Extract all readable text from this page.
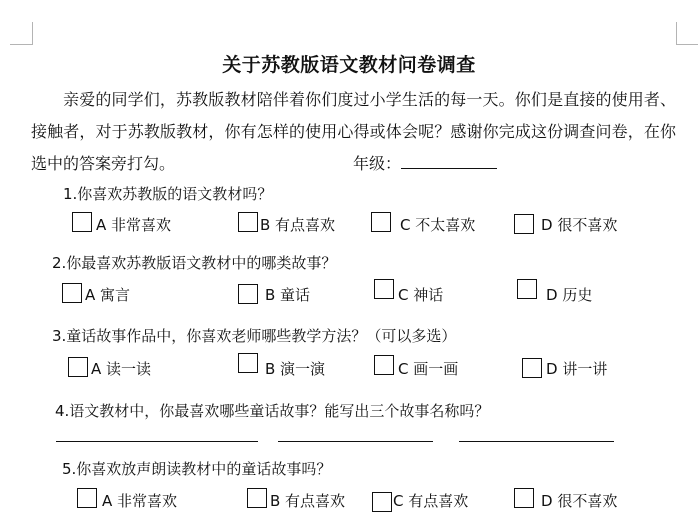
关于苏教版语文教材问卷调查
亲爱的同学们，苏教版教材陪伴着你们度过小学生活的每一天。你们是直接的使用者、接触者，对于苏教版教材，你有怎样的使用心得或体会呢？感谢你完成这份调查问卷，在你选中的答案旁打勾。	年级：
1.你喜欢苏教版的语文教材吗？
A 非常喜欢	B 有点喜欢	C 不太喜欢	D 很不喜欢
2.你最喜欢苏教版语文教材中的哪类故事？
A 寓言	B 童话	C 神话	D 历史
3.童话故事作品中，你喜欢老师哪些教学方法？（可以多选）
A 读一读	B 演一演	C 画一画	D 讲一讲
4.语文教材中，你最喜欢哪些童话故事？能写出三个故事名称吗？
5.你喜欢放声朗读教材中的童话故事吗？
A 非常喜欢	B 有点喜欢	C 有点喜欢	D 很不喜欢
